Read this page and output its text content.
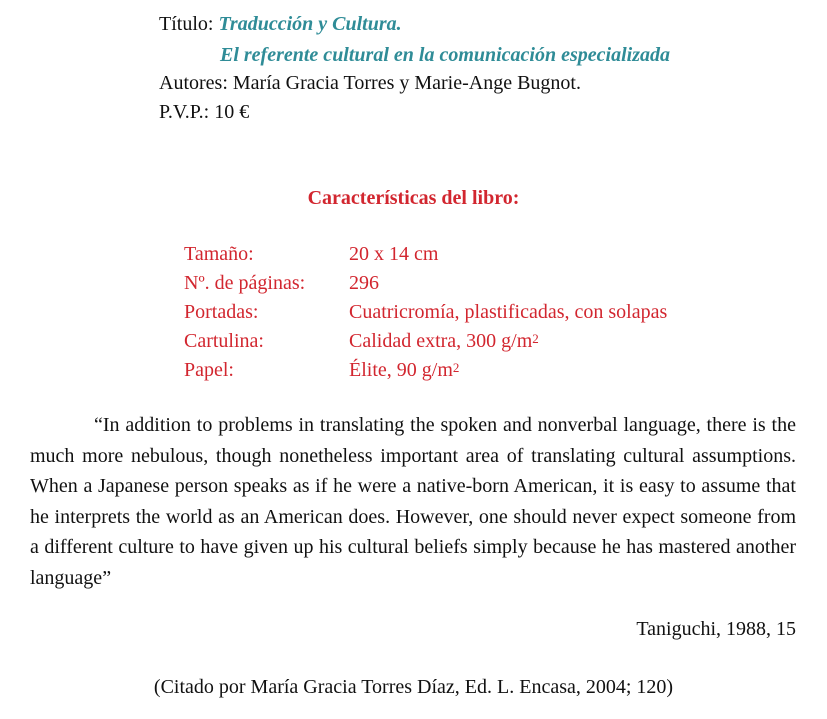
Título: Traducción y Cultura.
El referente cultural en la comunicación especializada
Autores: María Gracia Torres y Marie-Ange Bugnot.
P.V.P.: 10 €
Características del libro:
Tamaño:	20 x 14 cm
Nº. de páginas: 296
Portadas:	Cuatricromía, plastificadas, con solapas
Cartulina:	Calidad extra, 300 $g/m^2$
Papel:	Élite, 90 $g/m^2$
“In addition to problems in translating the spoken and nonverbal language, there is the much more nebulous, though nonetheless important area of translating cultural assumptions. When a Japanese person speaks as if he were a native-born American, it is easy to assume that he interprets the world as an American does. However, one should never expect someone from a different culture to have given up his cultural beliefs simply because he has mastered another language”
Taniguchi, 1988, 15
(Citado por María Gracia Torres Díaz, Ed. L. Encasa, 2004; 120)
